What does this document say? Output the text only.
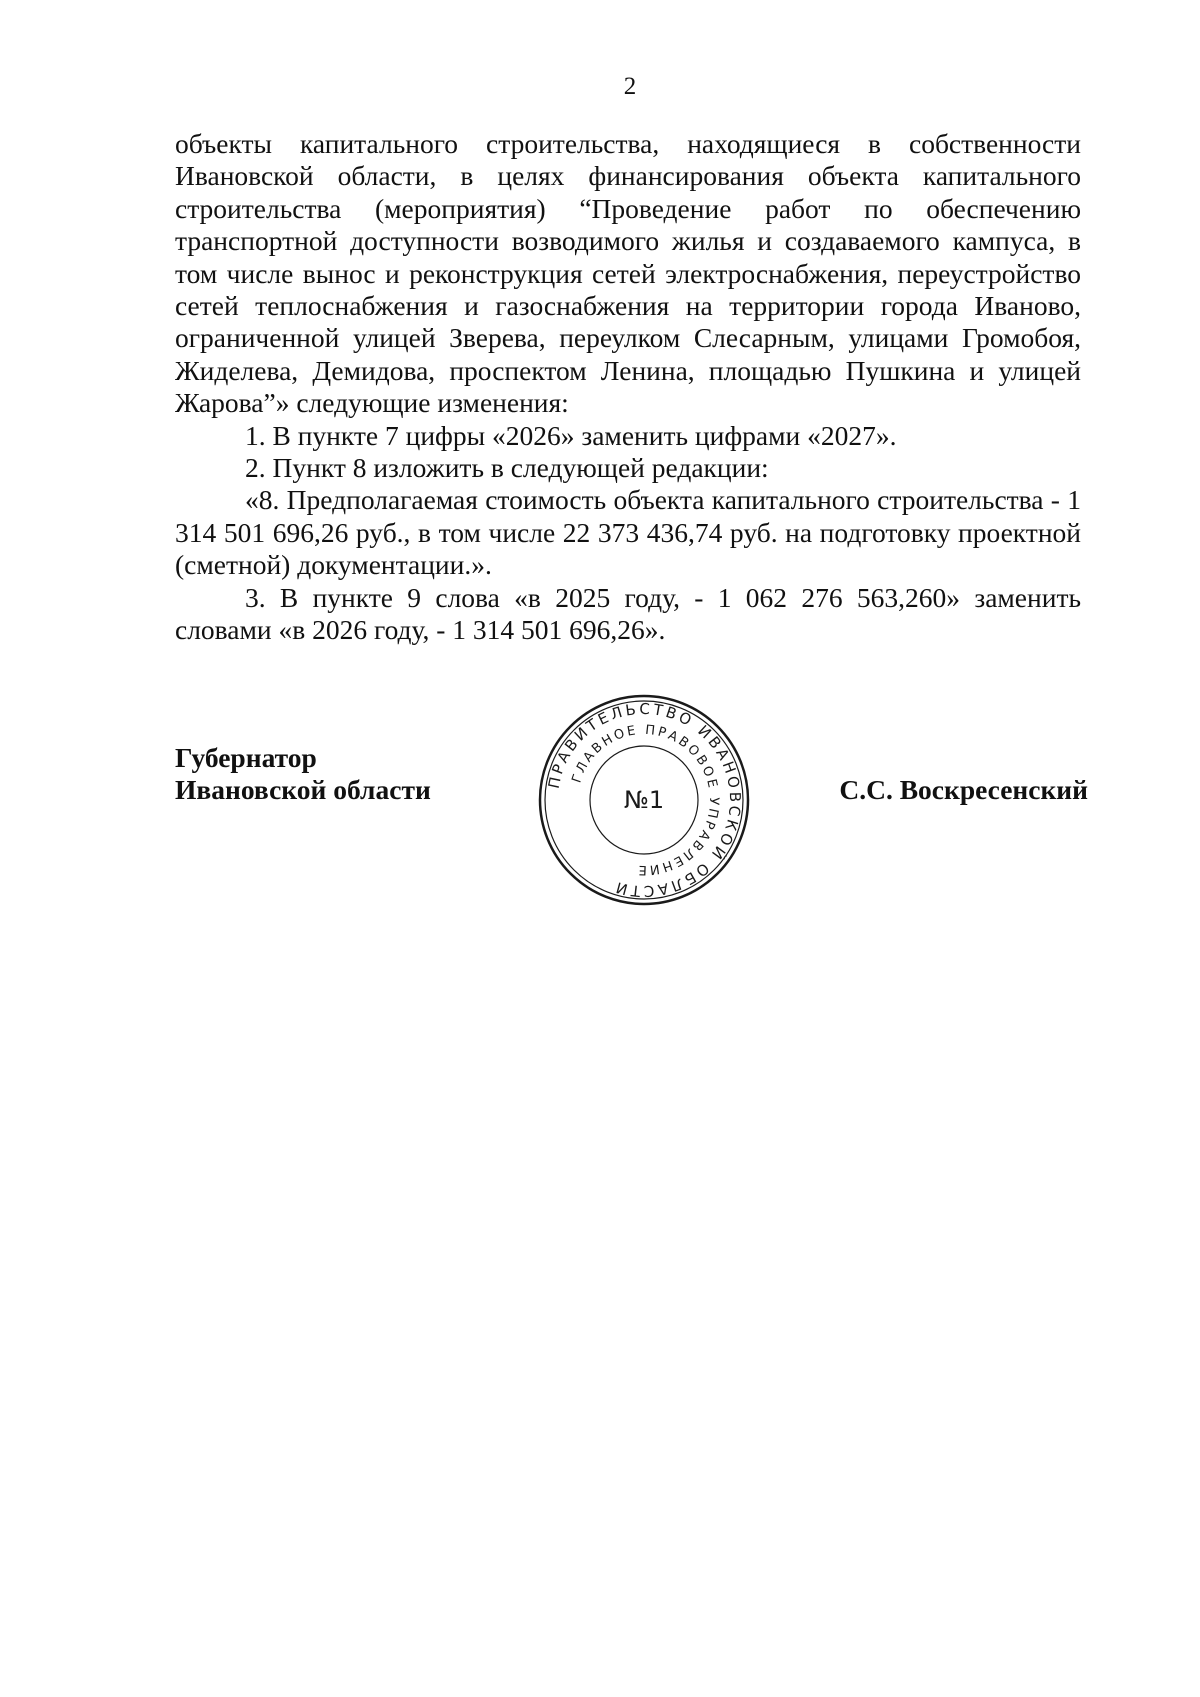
2

объекты капитального строительства, находящиеся в собственности Ивановской области, в целях финансирования объекта капитального строительства (мероприятия) “Проведение работ по обеспечению транспортной доступности возводимого жилья и создаваемого кампуса, в том числе вынос и реконструкция сетей электроснабжения, переустройство сетей теплоснабжения и газоснабжения на территории города Иваново, ограниченной улицей Зверева, переулком Слесарным, улицами Громобоя, Жиделева, Демидова, проспектом Ленина, площадью Пушкина и улицей Жарова”» следующие изменения:

1. В пункте 7 цифры «2026» заменить цифрами «2027».

2. Пункт 8 изложить в следующей редакции:

«8. Предполагаемая стоимость объекта капитального строительства - 1 314 501 696,26 руб., в том числе 22 373 436,74 руб. на подготовку проектной (сметной) документации.».

3. В пункте 9 слова «в 2025 году, - 1 062 276 563,260» заменить словами «в 2026 году, - 1 314 501 696,26».

Губернатор
Ивановской области	ПРАВИТЕЛЬСТВО ИВАНОВСКОЙ ОБЛАСТИ
ГЛАВНОЕ ПРАВОВОЕ УПРАВЛЕНИЕ
№1	С.С. Воскресенский
